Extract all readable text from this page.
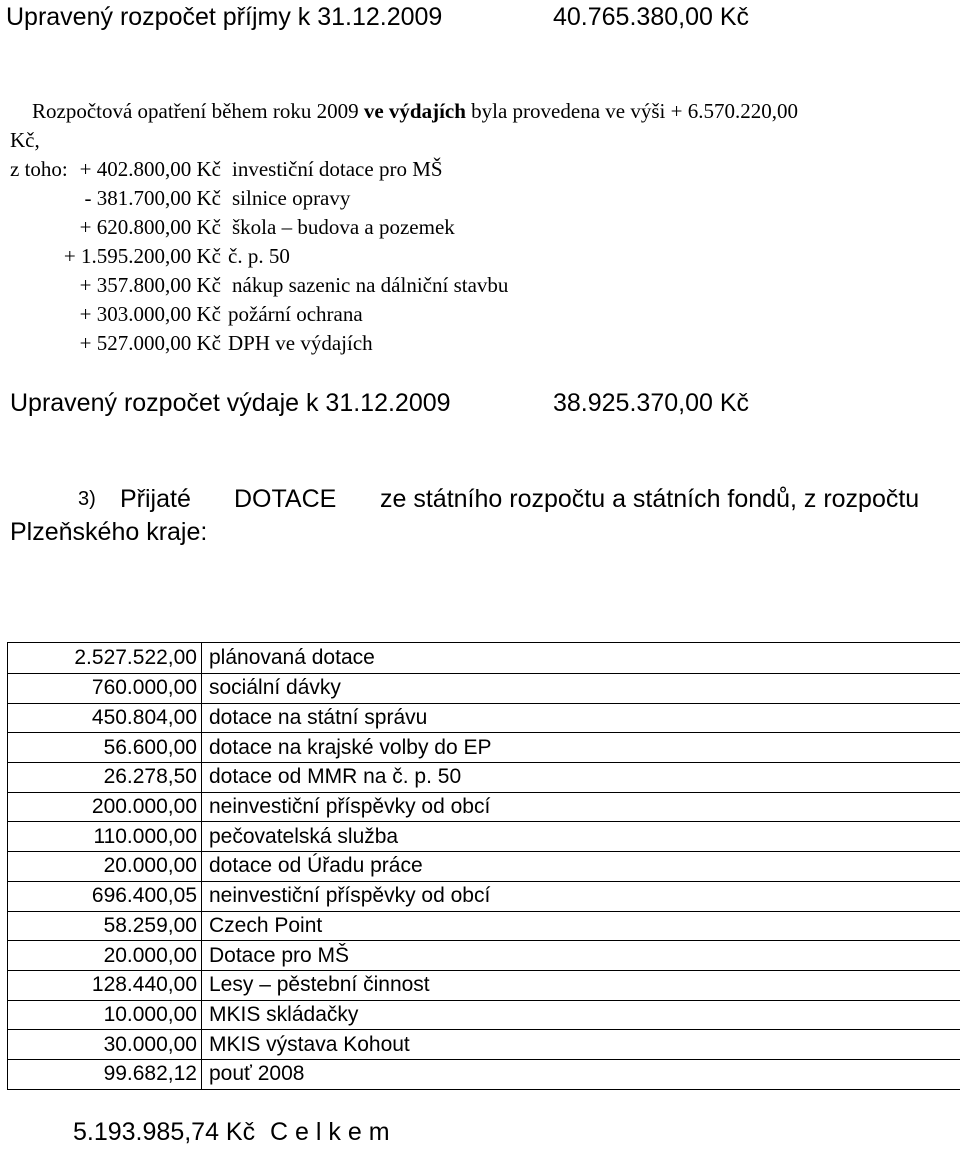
Upravený rozpočet příjmy k 31.12.2009	40.765.380,00 Kč
Rozpočtová opatření během roku 2009 ve výdajích byla provedena ve výši + 6.570.220,00
Kč,
z toho: + 402.800,00 Kč investiční dotace pro MŠ
- 381.700,00 Kč silnice opravy
+ 620.800,00 Kč škola – budova a pozemek
+ 1.595.200,00 Kč č. p. 50
+ 357.800,00 Kč nákup sazenic na dálniční stavbu
+ 303.000,00 Kč požární ochrana
+ 527.000,00 Kč DPH ve výdajích
Upravený rozpočet výdaje k 31.12.2009	38.925.370,00 Kč
3) Přijaté DOTACE ze státního rozpočtu a státních fondů, z rozpočtu
Plzeňského kraje:
2.527.522,00	plánovaná dotace
760.000,00	sociální dávky
450.804,00	dotace na státní správu
56.600,00	dotace na krajské volby do EP
26.278,50	dotace od MMR na č. p. 50
200.000,00	neinvestiční příspěvky od obcí
110.000,00	pečovatelská služba
20.000,00	dotace od Úřadu práce
696.400,05	neinvestiční příspěvky od obcí
58.259,00	Czech Point
20.000,00	Dotace pro MŠ
128.440,00	Lesy – pěstební činnost
10.000,00	MKIS skládačky
30.000,00	MKIS výstava Kohout
99.682,12	pouť 2008
5.193.985,74 Kč C e l k e m
